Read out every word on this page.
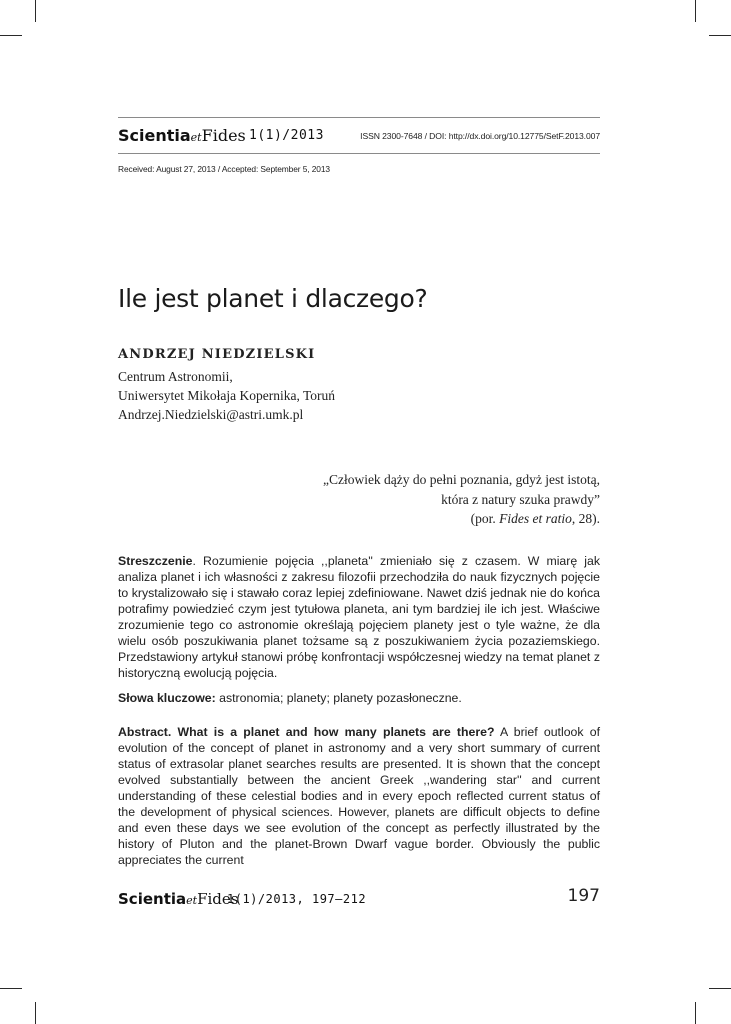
ScientiaetFides 1(1)/2013	ISSN 2300-7648 / DOI: http://dx.doi.org/10.12775/SetF.2013.007
Received: August 27, 2013 / Accepted: September 5, 2013
Ile jest planet i dlaczego?
ANDRZEJ NIEDZIELSKI
Centrum Astronomii,
Uniwersytet Mikołaja Kopernika, Toruń
Andrzej.Niedzielski@astri.umk.pl
„Człowiek dąży do pełni poznania, gdyż jest istotą,
która z natury szuka prawdy”
(por. Fides et ratio, 28).
Streszczenie. Rozumienie pojęcia ,,planeta'' zmieniało się z czasem. W miarę jak analiza planet i ich własności z zakresu filozofii przechodziła do nauk fizycznych pojęcie to krystalizowało się i stawało coraz lepiej zdefiniowane. Nawet dziś jednak nie do końca potrafimy powiedzieć czym jest tytułowa planeta, ani tym bardziej ile ich jest. Właściwe zrozumienie tego co astronomie określają pojęciem planety jest o tyle ważne, że dla wielu osób poszukiwania planet tożsame są z poszukiwaniem życia pozaziemskiego. Przedstawiony artykuł stanowi próbę konfrontacji współczesnej wiedzy na temat planet z historyczną ewolucją pojęcia.
Słowa kluczowe: astronomia; planety; planety pozasłoneczne.
Abstract. What is a planet and how many planets are there? A brief outlook of evolution of the concept of planet in astronomy and a very short summary of current status of extrasolar planet searches results are presented. It is shown that the concept evolved substantially between the ancient Greek ,,wandering star'' and current understanding of these celestial bodies and in every epoch reflected current status of the development of physical sciences. However, planets are difficult objects to define and even these days we see evolution of the concept as perfectly illustrated by the history of Pluton and the planet-Brown Dwarf vague border. Obviously the public appreciates the current
ScientiaetFides
1(1)/2013, 197–212	197
